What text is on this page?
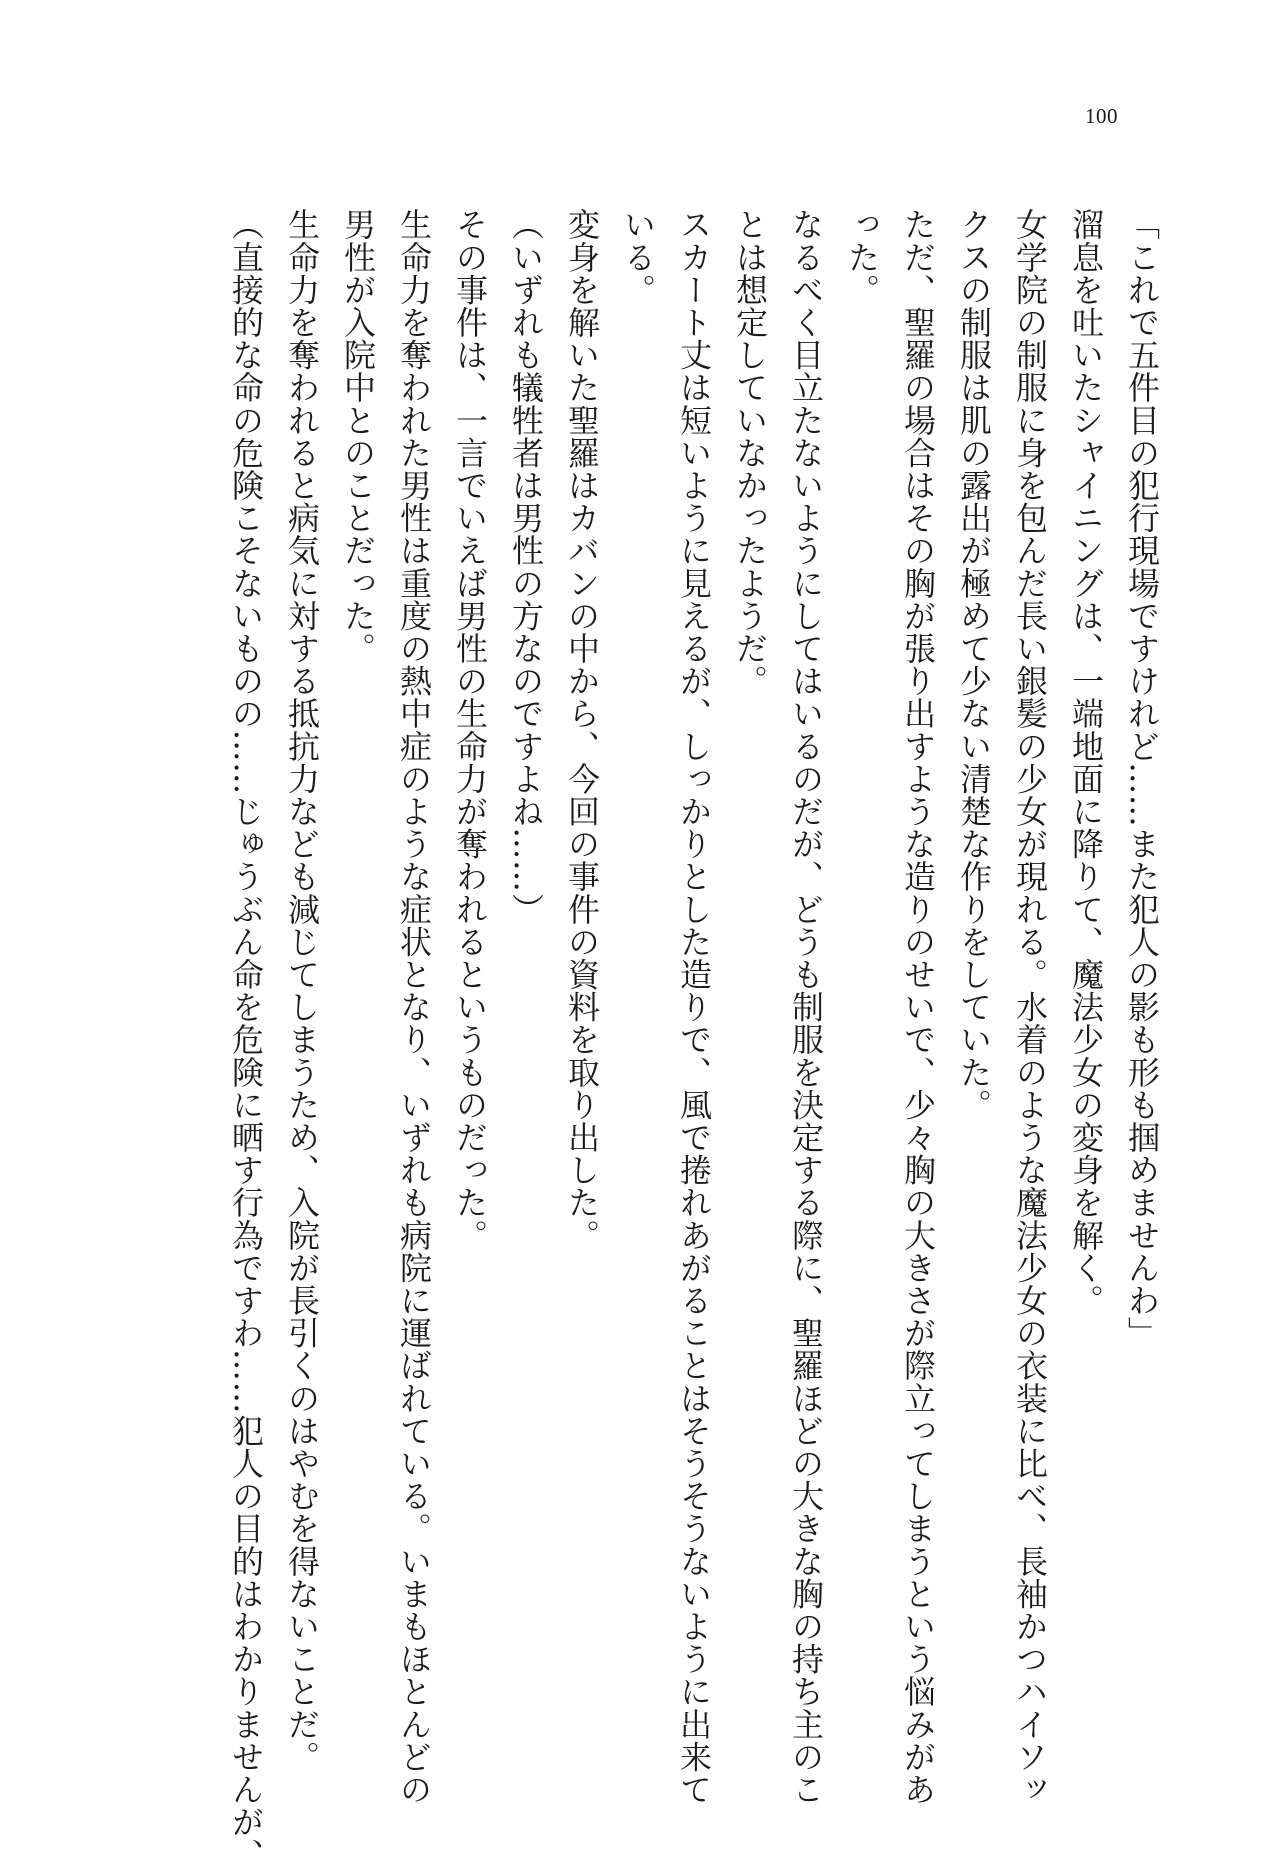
100
「これで五件目の犯行現場ですけれど……また犯人の影も形も掴めませんわ」
溜息を吐いたシャイニングは、一端地面に降りて、魔法少女の変身を解く。
女学院の制服に身を包んだ長い銀髪の少女が現れる。水着のような魔法少女の衣装に比べ、長袖かつハイソッ
クスの制服は肌の露出が極めて少ない清楚な作りをしていた。
ただ、聖羅の場合はその胸が張り出すような造りのせいで、少々胸の大きさが際立ってしまうという悩みがあ
った。
なるべく目立たないようにしてはいるのだが、どうも制服を決定する際に、聖羅ほどの大きな胸の持ち主のこ
とは想定していなかったようだ。
スカート丈は短いように見えるが、しっかりとした造りで、風で捲れあがることはそうそうないように出来て
いる。
変身を解いた聖羅はカバンの中から、今回の事件の資料を取り出した。
（いずれも犠牲者は男性の方なのですよね……）
その事件は、一言でいえば男性の生命力が奪われるというものだった。
生命力を奪われた男性は重度の熱中症のような症状となり、いずれも病院に運ばれている。いまもほとんどの
男性が入院中とのことだった。
生命力を奪われると病気に対する抵抗力なども減じてしまうため、入院が長引くのはやむを得ないことだ。
（直接的な命の危険こそないものの……じゅうぶん命を危険に晒す行為ですわ……犯人の目的はわかりませんが、
